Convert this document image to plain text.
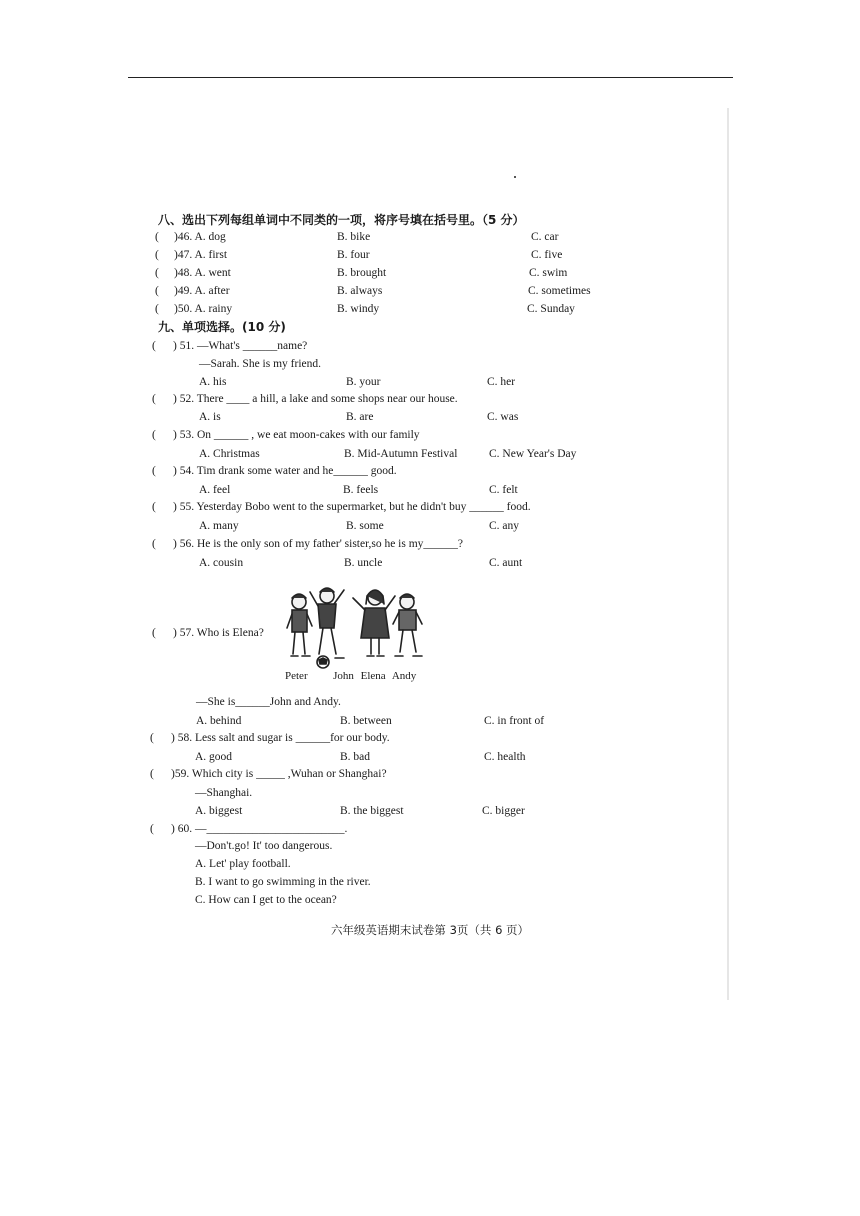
八、选出下列每组单词中不同类的一项，将序号填在括号里。（5 分）
( )46. A. dog	B. bike	C. car
( )47. A. first	B. four	C. five
( )48. A. went	B. brought	C. swim
( )49. A. after	B. always	C. sometimes
( )50. A. rainy	B. windy	C. Sunday
九、单项选择。(10 分)
( ) 51. —What's ______name?
—Sarah. She is my friend.
A. his	B. your	C. her
( ) 52. There ____ a hill, a lake and some shops near our house.
A. is	B. are	C. was
( ) 53. On ______ , we eat moon-cakes with our family
A. Christmas	B. Mid-Autumn Festival	C. New Year's Day
( ) 54. Tim drank some water and he______ good.
A. feel	B. feels	C. felt
( ) 55. Yesterday Bobo went to the supermarket, but he didn't buy ______ food.
A. many	B. some	C. any
( ) 56. He is the only son of my father' sister,so he is my______?
A. cousin	B. uncle	C. aunt
( ) 57. Who is Elena?
Peter John Elena Andy
—She is______John and Andy.
A. behind	B. between	C. in front of
( ) 58. Less salt and sugar is ______for our body.
A. good	B. bad	C. health
( )59. Which city is _____ ,Wuhan or Shanghai?
—Shanghai.
A. biggest	B. the biggest	C. bigger
( ) 60. —________________________.
—Don't.go! It' too dangerous.
A. Let' play football.
B. I want to go swimming in the river.
C. How can I get to the ocean?
六年级英语期末试卷第 3页（共 6 页）
